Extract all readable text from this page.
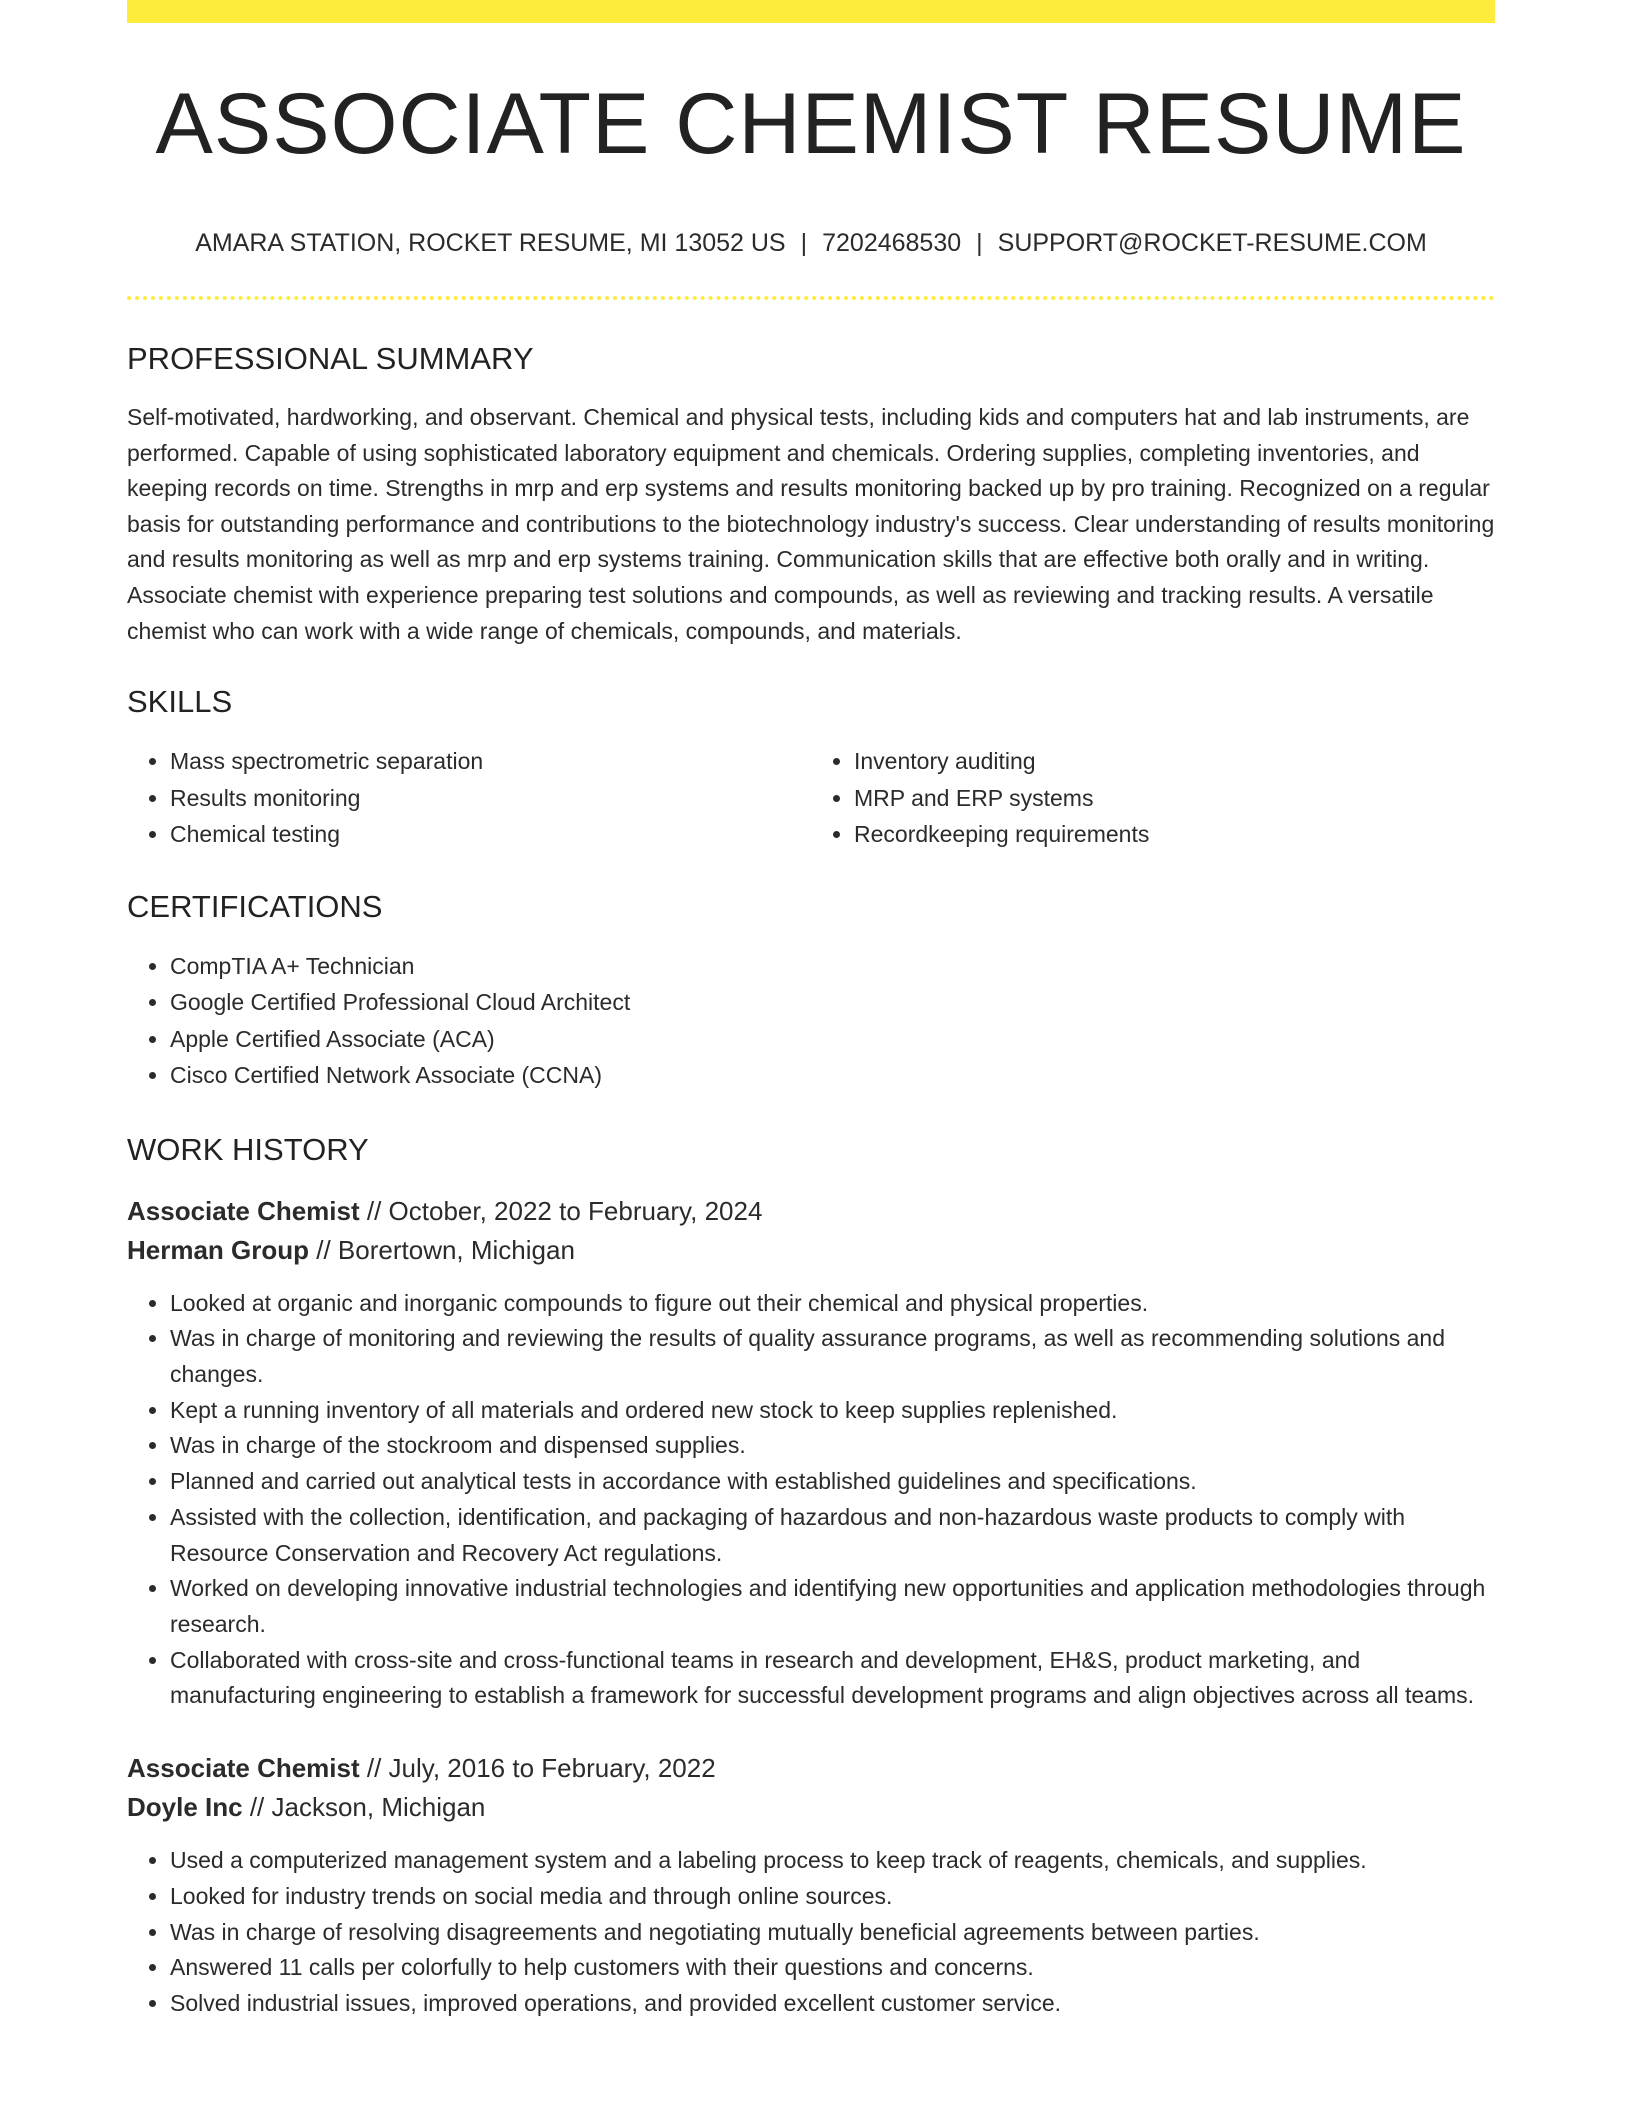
ASSOCIATE CHEMIST RESUME
AMARA STATION, ROCKET RESUME, MI 13052 US | 7202468530 | SUPPORT@ROCKET-RESUME.COM
PROFESSIONAL SUMMARY

Self-motivated, hardworking, and observant. Chemical and physical tests, including kids and computers hat and lab instruments, are performed. Capable of using sophisticated laboratory equipment and chemicals. Ordering supplies, completing inventories, and keeping records on time. Strengths in mrp and erp systems and results monitoring backed up by pro training. Recognized on a regular basis for outstanding performance and contributions to the biotechnology industry's success. Clear understanding of results monitoring and results monitoring as well as mrp and erp systems training. Communication skills that are effective both orally and in writing. Associate chemist with experience preparing test solutions and compounds, as well as reviewing and tracking results. A versatile chemist who can work with a wide range of chemicals, compounds, and materials.

SKILLS
• Mass spectrometric separation
• Results monitoring
• Chemical testing
• Inventory auditing
• MRP and ERP systems
• Recordkeeping requirements
CERTIFICATIONS
• CompTIA A+ Technician
• Google Certified Professional Cloud Architect
• Apple Certified Associate (ACA)
• Cisco Certified Network Associate (CCNA)
WORK HISTORY
Associate Chemist // October, 2022 to February, 2024
Herman Group // Borertown, Michigan
• Looked at organic and inorganic compounds to figure out their chemical and physical properties.
• Was in charge of monitoring and reviewing the results of quality assurance programs, as well as recommending solutions and changes.
• Kept a running inventory of all materials and ordered new stock to keep supplies replenished.
• Was in charge of the stockroom and dispensed supplies.
• Planned and carried out analytical tests in accordance with established guidelines and specifications.
• Assisted with the collection, identification, and packaging of hazardous and non-hazardous waste products to comply with Resource Conservation and Recovery Act regulations.
• Worked on developing innovative industrial technologies and identifying new opportunities and application methodologies through research.
• Collaborated with cross-site and cross-functional teams in research and development, EH&S, product marketing, and manufacturing engineering to establish a framework for successful development programs and align objectives across all teams.
Associate Chemist // July, 2016 to February, 2022
Doyle Inc // Jackson, Michigan
• Used a computerized management system and a labeling process to keep track of reagents, chemicals, and supplies.
• Looked for industry trends on social media and through online sources.
• Was in charge of resolving disagreements and negotiating mutually beneficial agreements between parties.
• Answered 11 calls per colorfully to help customers with their questions and concerns.
• Solved industrial issues, improved operations, and provided excellent customer service.
